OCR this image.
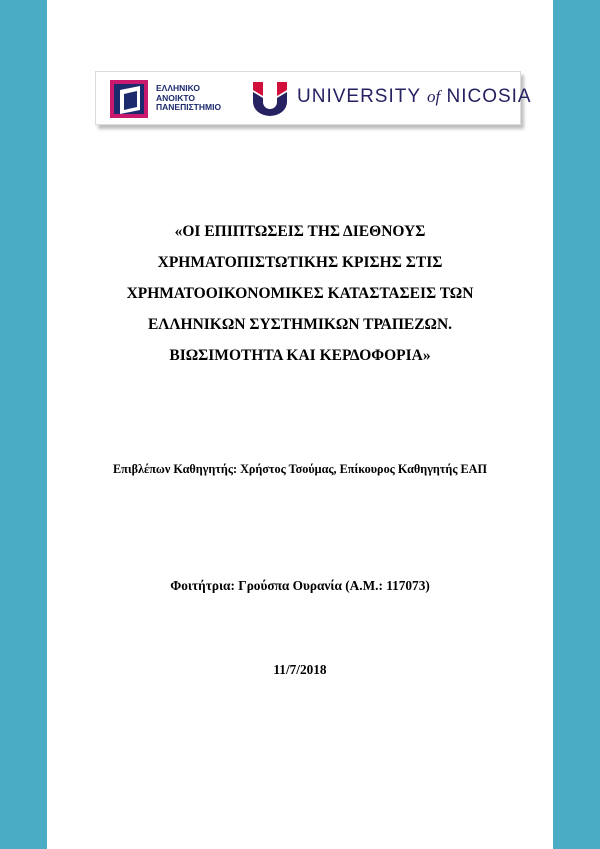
ΕΛΛΗΝΙΚΟ
ΑΝΟΙΚΤΟ
ΠΑΝΕΠΙΣΤΗΜΙΟ	UNIVERSITY of NICOSIA
«ΟΙ ΕΠΙΠΤΩΣΕΙΣ ΤΗΣ ΔΙΕΘΝΟΥΣ
ΧΡΗΜΑΤΟΠΙΣΤΩΤΙΚΗΣ ΚΡΙΣΗΣ ΣΤΙΣ
ΧΡΗΜΑΤΟΟΙΚΟΝΟΜΙΚΕΣ ΚΑΤΑΣΤΑΣΕΙΣ ΤΩΝ
ΕΛΛΗΝΙΚΩΝ ΣΥΣΤΗΜΙΚΩΝ ΤΡΑΠΕΖΩΝ.
ΒΙΩΣΙΜΟΤΗΤΑ ΚΑΙ ΚΕΡΔΟΦΟΡΙΑ»
Επιβλέπων Καθηγητής: Χρήστος Τσούμας, Επίκουρος Καθηγητής ΕΑΠ
Φοιτήτρια: Γρούσπα Ουρανία (Α.Μ.: 117073)
11/7/2018
